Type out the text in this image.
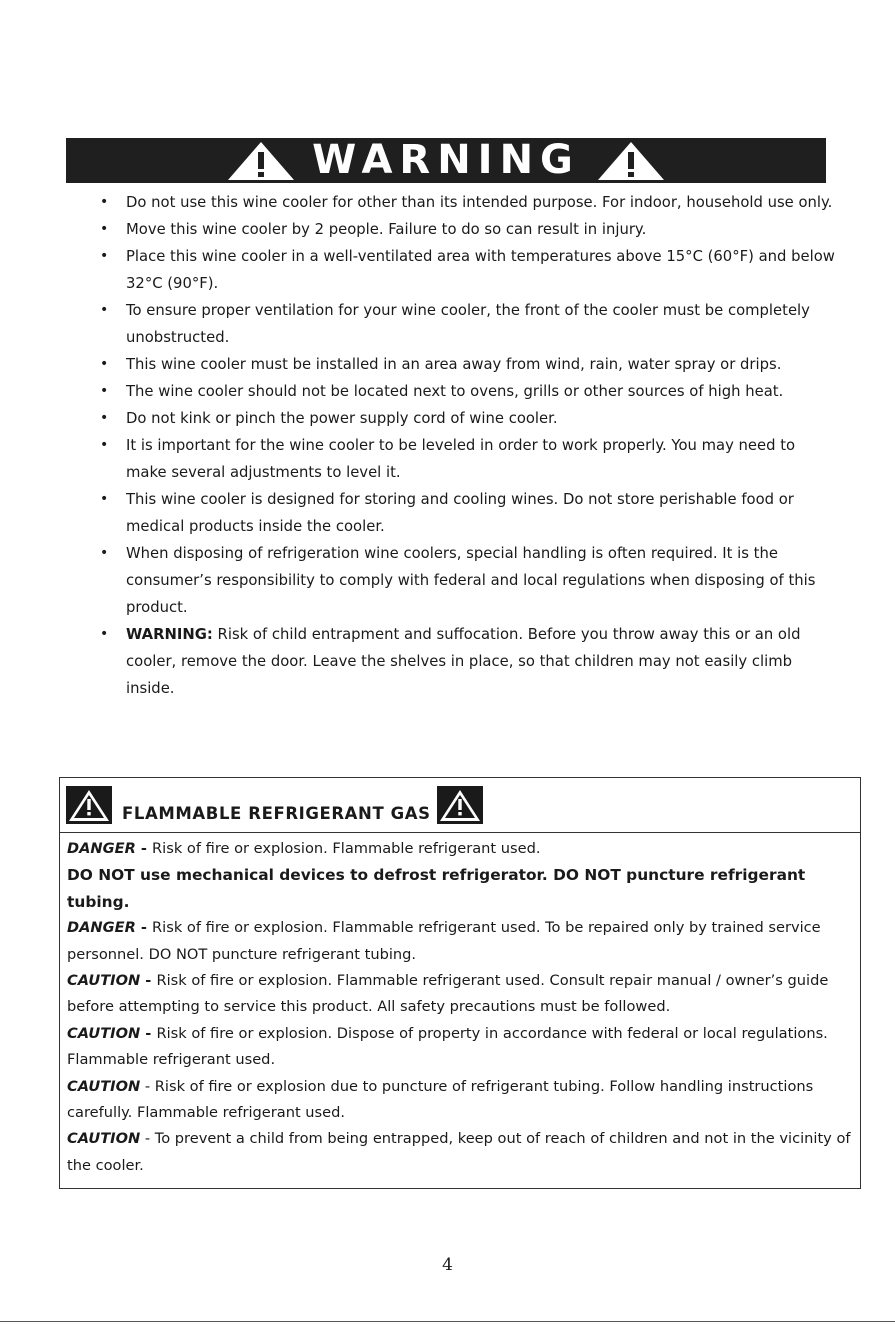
WARNING
• Do not use this wine cooler for other than its intended purpose. For indoor, household use only.
• Move this wine cooler by 2 people. Failure to do so can result in injury.
• Place this wine cooler in a well-ventilated area with temperatures above 15°C (60°F) and below 32°C (90°F).
• To ensure proper ventilation for your wine cooler, the front of the cooler must be completely unobstructed.
• This wine cooler must be installed in an area away from wind, rain, water spray or drips.
• The wine cooler should not be located next to ovens, grills or other sources of high heat.
• Do not kink or pinch the power supply cord of wine cooler.
• It is important for the wine cooler to be leveled in order to work properly. You may need to make several adjustments to level it.
• This wine cooler is designed for storing and cooling wines. Do not store perishable food or medical products inside the cooler.
• When disposing of refrigeration wine coolers, special handling is often required. It is the consumer’s responsibility to comply with federal and local regulations when disposing of this product.
• WARNING: Risk of child entrapment and suffocation. Before you throw away this or an old cooler, remove the door. Leave the shelves in place, so that children may not easily climb inside.
FLAMMABLE REFRIGERANT GAS

DANGER - Risk of fire or explosion. Flammable refrigerant used.

DO NOT use mechanical devices to defrost refrigerator. DO NOT puncture refrigerant tubing.

DANGER - Risk of fire or explosion. Flammable refrigerant used. To be repaired only by trained service personnel. DO NOT puncture refrigerant tubing.

CAUTION - Risk of fire or explosion. Flammable refrigerant used. Consult repair manual / owner’s guide before attempting to service this product. All safety precautions must be followed.

CAUTION - Risk of fire or explosion. Dispose of property in accordance with federal or local regulations. Flammable refrigerant used.

CAUTION - Risk of fire or explosion due to puncture of refrigerant tubing. Follow handling instructions carefully. Flammable refrigerant used.

CAUTION - To prevent a child from being entrapped, keep out of reach of children and not in the vicinity of the cooler.

4
